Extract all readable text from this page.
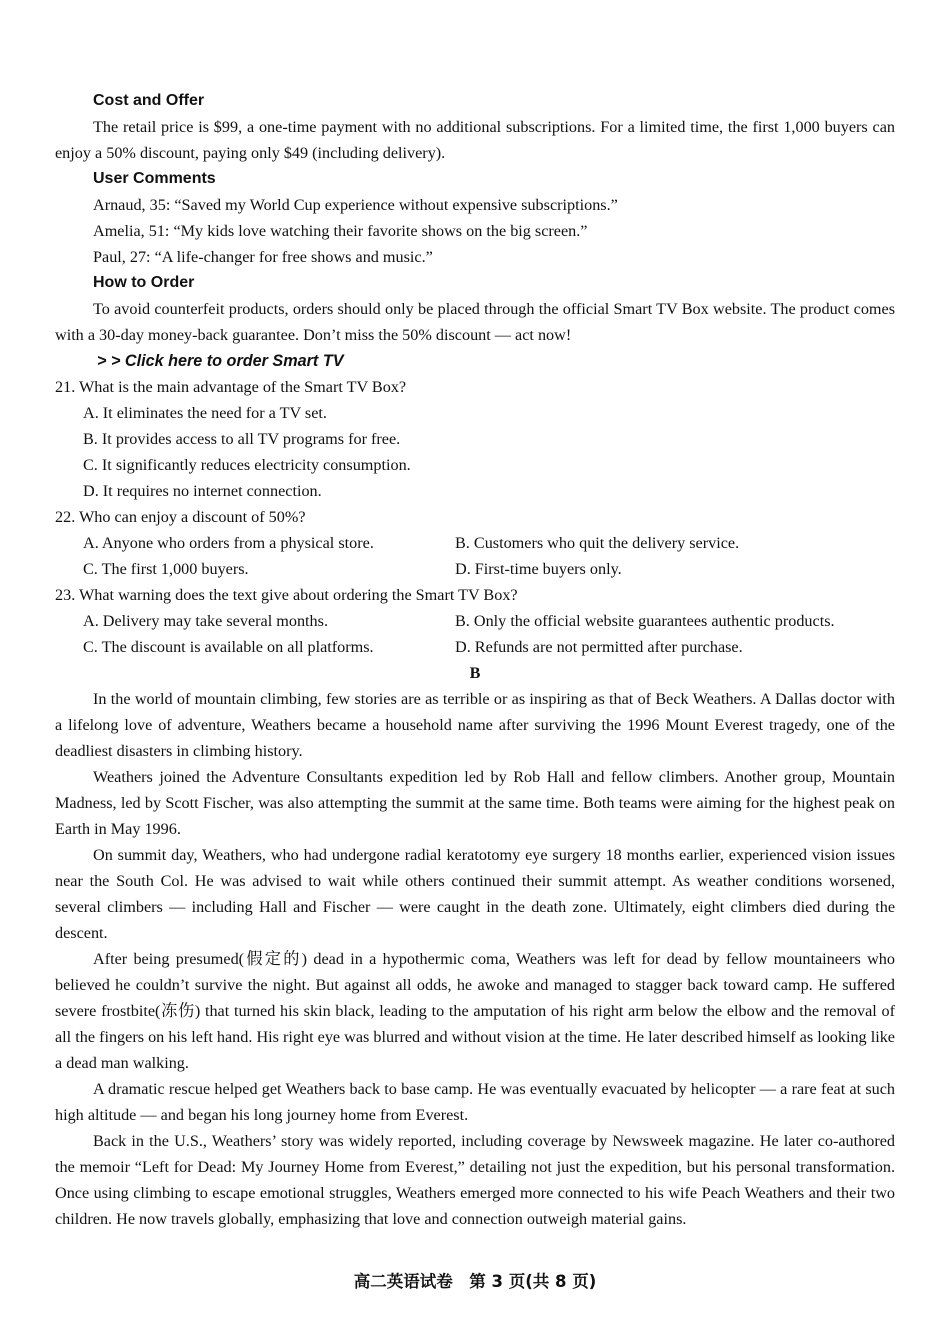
Cost and Offer

The retail price is $99, a one-time payment with no additional subscriptions. For a limited time, the first 1,000 buyers can enjoy a 50% discount, paying only $49 (including delivery).

User Comments
Arnaud, 35: “Saved my World Cup experience without expensive subscriptions.”
Amelia, 51: “My kids love watching their favorite shows on the big screen.”
Paul, 27: “A life-changer for free shows and music.”
How to Order

To avoid counterfeit products, orders should only be placed through the official Smart TV Box website. The product comes with a 30-day money-back guarantee. Don’t miss the 50% discount — act now!

> > Click here to order Smart TV
21. What is the main advantage of the Smart TV Box?
A. It eliminates the need for a TV set.
B. It provides access to all TV programs for free.
C. It significantly reduces electricity consumption.
D. It requires no internet connection.
22. Who can enjoy a discount of 50%?
A. Anyone who orders from a physical store.	B. Customers who quit the delivery service.
C. The first 1,000 buyers.	D. First-time buyers only.
23. What warning does the text give about ordering the Smart TV Box?
A. Delivery may take several months.	B. Only the official website guarantees authentic products.
C. The discount is available on all platforms.	D. Refunds are not permitted after purchase.
B

In the world of mountain climbing, few stories are as terrible or as inspiring as that of Beck Weathers. A Dallas doctor with a lifelong love of adventure, Weathers became a household name after surviving the 1996 Mount Everest tragedy, one of the deadliest disasters in climbing history.

Weathers joined the Adventure Consultants expedition led by Rob Hall and fellow climbers. Another group, Mountain Madness, led by Scott Fischer, was also attempting the summit at the same time. Both teams were aiming for the highest peak on Earth in May 1996.

On summit day, Weathers, who had undergone radial keratotomy eye surgery 18 months earlier, experienced vision issues near the South Col. He was advised to wait while others continued their summit attempt. As weather conditions worsened, several climbers — including Hall and Fischer — were caught in the death zone. Ultimately, eight climbers died during the descent.

After being presumed(假定的) dead in a hypothermic coma, Weathers was left for dead by fellow mountaineers who believed he couldn’t survive the night. But against all odds, he awoke and managed to stagger back toward camp. He suffered severe frostbite(冻伤) that turned his skin black, leading to the amputation of his right arm below the elbow and the removal of all the fingers on his left hand. His right eye was blurred and without vision at the time. He later described himself as looking like a dead man walking.

A dramatic rescue helped get Weathers back to base camp. He was eventually evacuated by helicopter — a rare feat at such high altitude — and began his long journey home from Everest.

Back in the U.S., Weathers’ story was widely reported, including coverage by Newsweek magazine. He later co-authored the memoir “Left for Dead: My Journey Home from Everest,” detailing not just the expedition, but his personal transformation. Once using climbing to escape emotional struggles, Weathers emerged more connected to his wife Peach Weathers and their two children. He now travels globally, emphasizing that love and connection outweigh material gains.

高二英语试卷　第 3 页(共 8 页)
